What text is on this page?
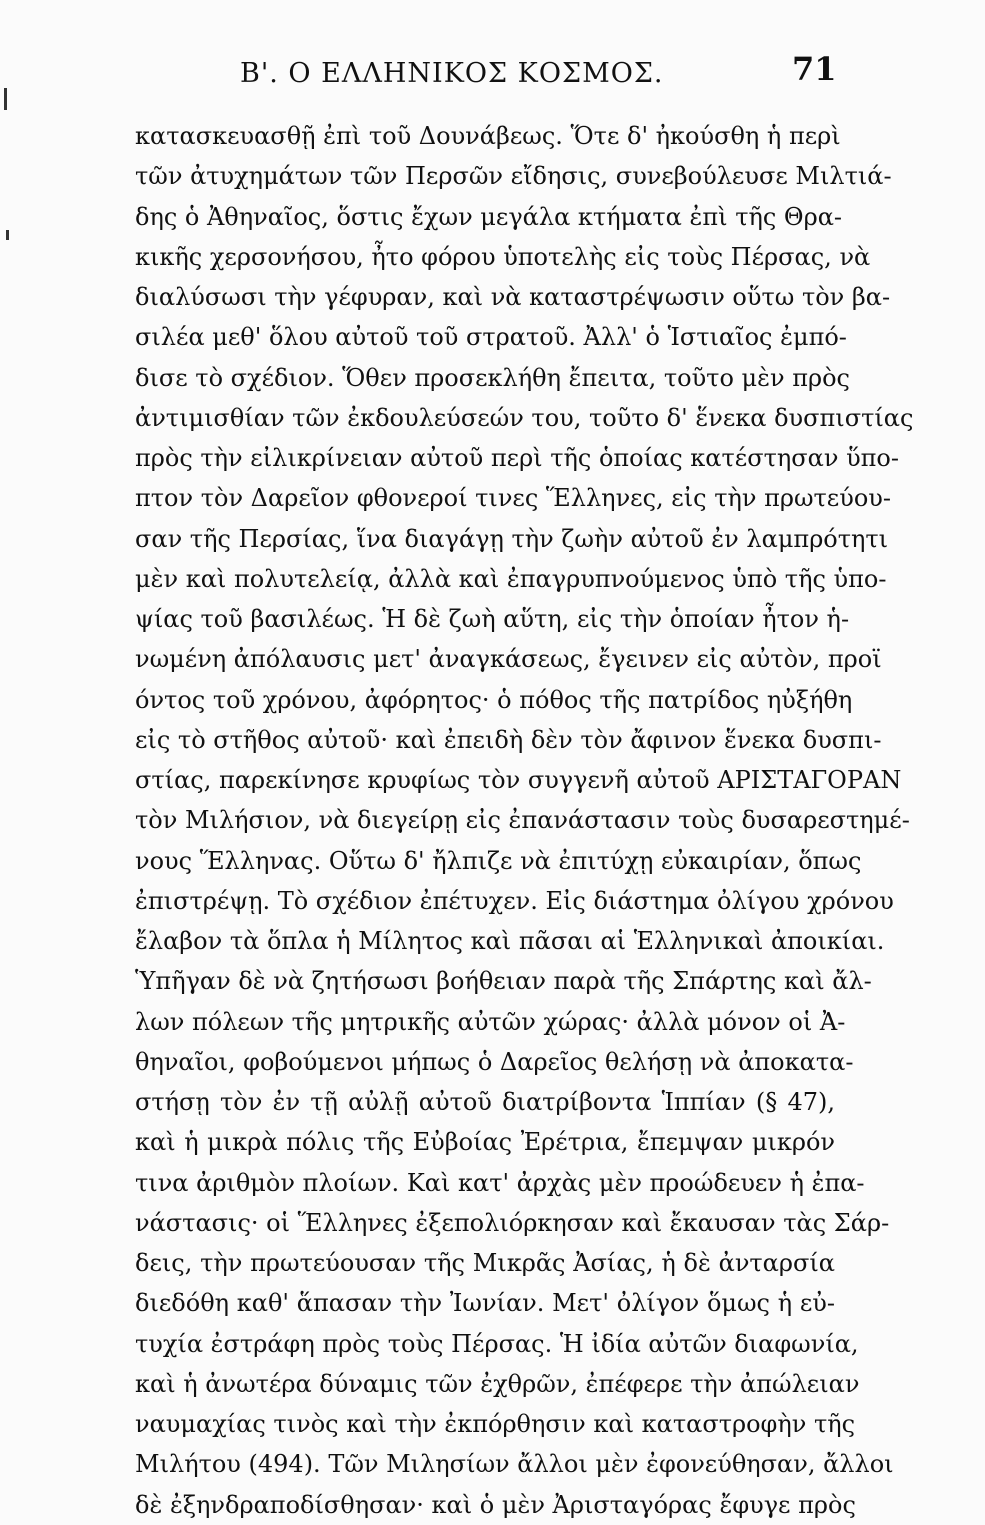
Β'. Ο ΕΛΛΗΝΙΚΟΣ ΚΟΣΜΟΣ.	71
κατασκευασθῇ ἐπὶ τοῦ Δουνάβεως. Ὅτε δ' ἠκούσθη ἡ περὶ
τῶν ἀτυχημάτων τῶν Περσῶν εἴδησις, συνεβούλευσε Μιλτιά-
δης ὁ Ἀθηναῖος, ὅστις ἔχων μεγάλα κτήματα ἐπὶ τῆς Θρα-
κικῆς χερσονήσου, ἦτο φόρου ὑποτελὴς εἰς τοὺς Πέρσας, νὰ
διαλύσωσι τὴν γέφυραν, καὶ νὰ καταστρέψωσιν οὕτω τὸν βα-
σιλέα μεθ' ὅλου αὐτοῦ τοῦ στρατοῦ. Ἀλλ' ὁ Ἱστιαῖος ἐμπό-
δισε τὸ σχέδιον. Ὅθεν προσεκλήθη ἔπειτα, τοῦτο μὲν πρὸς
ἀντιμισθίαν τῶν ἐκδουλεύσεών του, τοῦτο δ' ἕνεκα δυσπιστίας
πρὸς τὴν εἰλικρίνειαν αὐτοῦ περὶ τῆς ὁποίας κατέστησαν ὕπο-
πτον τὸν Δαρεῖον φθονεροί τινες Ἕλληνες, εἰς τὴν πρωτεύου-
σαν τῆς Περσίας, ἵνα διαγάγῃ τὴν ζωὴν αὐτοῦ ἐν λαμπρότητι
μὲν καὶ πολυτελείᾳ, ἀλλὰ καὶ ἐπαγρυπνούμενος ὑπὸ τῆς ὑπο-
ψίας τοῦ βασιλέως. Ἡ δὲ ζωὴ αὕτη, εἰς τὴν ὁποίαν ἦτον ἡ-
νωμένη ἀπόλαυσις μετ' ἀναγκάσεως, ἔγεινεν εἰς αὐτὸν, προϊ
όντος τοῦ χρόνου, ἀφόρητος· ὁ πόθος τῆς πατρίδος ηὐξήθη
εἰς τὸ στῆθος αὐτοῦ· καὶ ἐπειδὴ δὲν τὸν ἄφινον ἕνεκα δυσπι-
στίας, παρεκίνησε κρυφίως τὸν συγγενῆ αὐτοῦ ΑΡΙΣΤΑΓΟΡΑΝ
τὸν Μιλήσιον, νὰ διεγείρῃ εἰς ἐπανάστασιν τοὺς δυσαρεστημέ-
νους Ἕλληνας. Οὕτω δ' ἤλπιζε νὰ ἐπιτύχῃ εὐκαιρίαν, ὅπως
ἐπιστρέψῃ. Τὸ σχέδιον ἐπέτυχεν. Εἰς διάστημα ὀλίγου χρόνου
ἔλαβον τὰ ὅπλα ἡ Μίλητος καὶ πᾶσαι αἱ Ἑλληνικαὶ ἀποικίαι.
Ὑπῆγαν δὲ νὰ ζητήσωσι βοήθειαν παρὰ τῆς Σπάρτης καὶ ἄλ-
λων πόλεων τῆς μητρικῆς αὐτῶν χώρας· ἀλλὰ μόνον οἱ Ἀ-
θηναῖοι, φοβούμενοι μήπως ὁ Δαρεῖος θελήσῃ νὰ ἀποκατα-
στήσῃ τὸν ἐν τῇ αὐλῇ αὐτοῦ διατρίβοντα Ἱππίαν (§ 47),
καὶ ἡ μικρὰ πόλις τῆς Εὐβοίας Ἐρέτρια, ἔπεμψαν μικρόν
τινα ἀριθμὸν πλοίων. Καὶ κατ' ἀρχὰς μὲν προώδευεν ἡ ἐπα-
νάστασις· οἱ Ἕλληνες ἐξεπολιόρκησαν καὶ ἔκαυσαν τὰς Σάρ-
δεις, τὴν πρωτεύουσαν τῆς Μικρᾶς Ἀσίας, ἡ δὲ ἀνταρσία
διεδόθη καθ' ἅπασαν τὴν Ἰωνίαν. Μετ' ὀλίγον ὅμως ἡ εὐ-
τυχία ἐστράφη πρὸς τοὺς Πέρσας. Ἡ ἰδία αὐτῶν διαφωνία,
καὶ ἡ ἀνωτέρα δύναμις τῶν ἐχθρῶν, ἐπέφερε τὴν ἀπώλειαν
ναυμαχίας τινὸς καὶ τὴν ἐκπόρθησιν καὶ καταστροφὴν τῆς
Μιλήτου (494). Τῶν Μιλησίων ἄλλοι μὲν ἐφονεύθησαν, ἄλλοι
δὲ ἐξηνδραποδίσθησαν· καὶ ὁ μὲν Ἀρισταγόρας ἔφυγε πρὸς
